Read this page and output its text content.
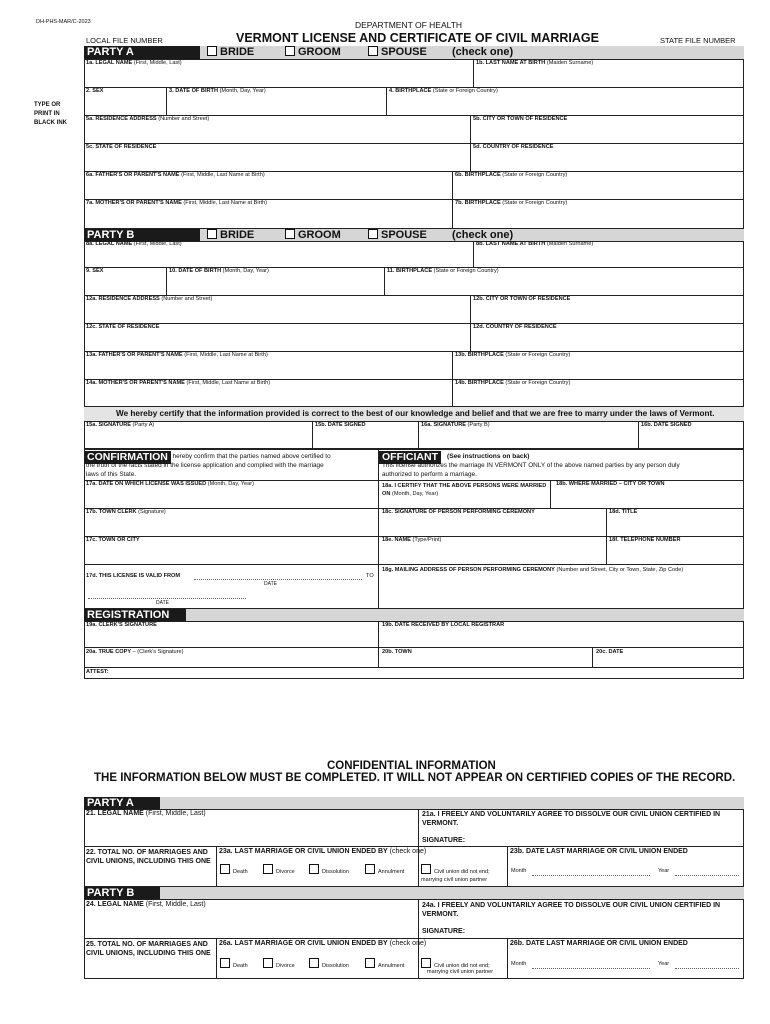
DH-PHS-MAR/C-2023	DEPARTMENT OF HEALTH
LOCAL FILE NUMBER	VERMONT LICENSE AND CERTIFICATE OF CIVIL MARRIAGE	STATE FILE NUMBER
TYPE OR PRINT IN BLACK INK
PARTY A	BRIDE	GROOM	SPOUSE (check one)
1a. LEGAL NAME (First, Middle, Last)	1b. LAST NAME AT BIRTH (Maiden Surname)
2. SEX	3. DATE OF BIRTH (Month, Day, Year)	4. BIRTHPLACE (State or Foreign Country)
5a. RESIDENCE ADDRESS (Number and Street)	5b. CITY OR TOWN OF RESIDENCE
5c. STATE OF RESIDENCE	5d. COUNTRY OF RESIDENCE
6a. FATHER'S OR PARENT'S NAME (First, Middle, Last Name at Birth)	6b. BIRTHPLACE (State or Foreign Country)
7a. MOTHER'S OR PARENT'S NAME (First, Middle, Last Name at Birth)	7b. BIRTHPLACE (State or Foreign Country)
PARTY B	BRIDE	GROOM	SPOUSE (check one)
8a. LEGAL NAME (First, Middle, Last)	8b. LAST NAME AT BIRTH (Maiden Surname)
9. SEX	10. DATE OF BIRTH (Month, Day, Year)	11. BIRTHPLACE (State or Foreign Country)
12a. RESIDENCE ADDRESS (Number and Street)	12b. CITY OR TOWN OF RESIDENCE
12c. STATE OF RESIDENCE	12d. COUNTRY OF RESIDENCE
13a. FATHER'S OR PARENT'S NAME (First, Middle, Last Name at Birth)	13b. BIRTHPLACE (State or Foreign Country)
14a. MOTHER'S OR PARENT'S NAME (First, Middle, Last Name at Birth)	14b. BIRTHPLACE (State or Foreign Country)
We hereby certify that the information provided is correct to the best of our knowledge and belief and that we are free to marry under the laws of Vermont.
15a. SIGNATURE (Party A)	15b. DATE SIGNED	16a. SIGNATURE (Party B)	16b. DATE SIGNED
CONFIRMATION I hereby confirm that the parties named above certified to
the truth of the facts stated in the license application and complied with the marriage
laws of this State.
OFFICIANT	(See instructions on back)
This license authorizes the marriage IN VERMONT ONLY of the above named parties by any person duly
authorized to perform a marriage.
17a. DATE ON WHICH LICENSE WAS ISSUED (Month, Day, Year)	18a. I CERTIFY THAT THE ABOVE PERSONS WERE MARRIED ON (Month, Day, Year)
18b. WHERE MARRIED – CITY OR TOWN
17b. TOWN CLERK (Signature)	18c. SIGNATURE OF PERSON PERFORMING CEREMONY	18d. TITLE
17c. TOWN OR CITY	18e. NAME (Type/Print)	18f. TELEPHONE NUMBER
17d. THIS LICENSE IS VALID FROM	TO
DATE
DATE
18g. MAILING ADDRESS OF PERSON PERFORMING CEREMONY (Number and Street, City or Town, State, Zip Code)
REGISTRATION
19a. CLERK'S SIGNATURE	19b. DATE RECEIVED BY LOCAL REGISTRAR
20a. TRUE COPY – (Clerk's Signature)	20b. TOWN	20c. DATE
ATTEST:
CONFIDENTIAL INFORMATION
THE INFORMATION BELOW MUST BE COMPLETED. IT WILL NOT APPEAR ON CERTIFIED COPIES OF THE RECORD.
PARTY A
21. LEGAL NAME (First, Middle, Last)	21a. I FREELY AND VOLUNTARILY AGREE TO DISSOLVE OUR CIVIL UNION CERTIFIED IN VERMONT.
SIGNATURE:
22. TOTAL NO. OF MARRIAGES AND CIVIL UNIONS, INCLUDING THIS ONE
23a. LAST MARRIAGE OR CIVIL UNION ENDED BY (check one)	23b. DATE LAST MARRIAGE OR CIVIL UNION ENDED
Death	Divorce	Dissolution	Annulment	Civil union did not end;
marrying civil union partner
Month	Year
PARTY B
24. LEGAL NAME (First, Middle, Last)	24a. I FREELY AND VOLUNTARILY AGREE TO DISSOLVE OUR CIVIL UNION CERTIFIED IN VERMONT.
SIGNATURE:
25. TOTAL NO. OF MARRIAGES AND CIVIL UNIONS, INCLUDING THIS ONE
26a. LAST MARRIAGE OR CIVIL UNION ENDED BY (check one)	26b. DATE LAST MARRIAGE OR CIVIL UNION ENDED
Death	Divorce	Dissolution	Annulment	Civil union did not end;
marrying civil union partner
Month	Year
